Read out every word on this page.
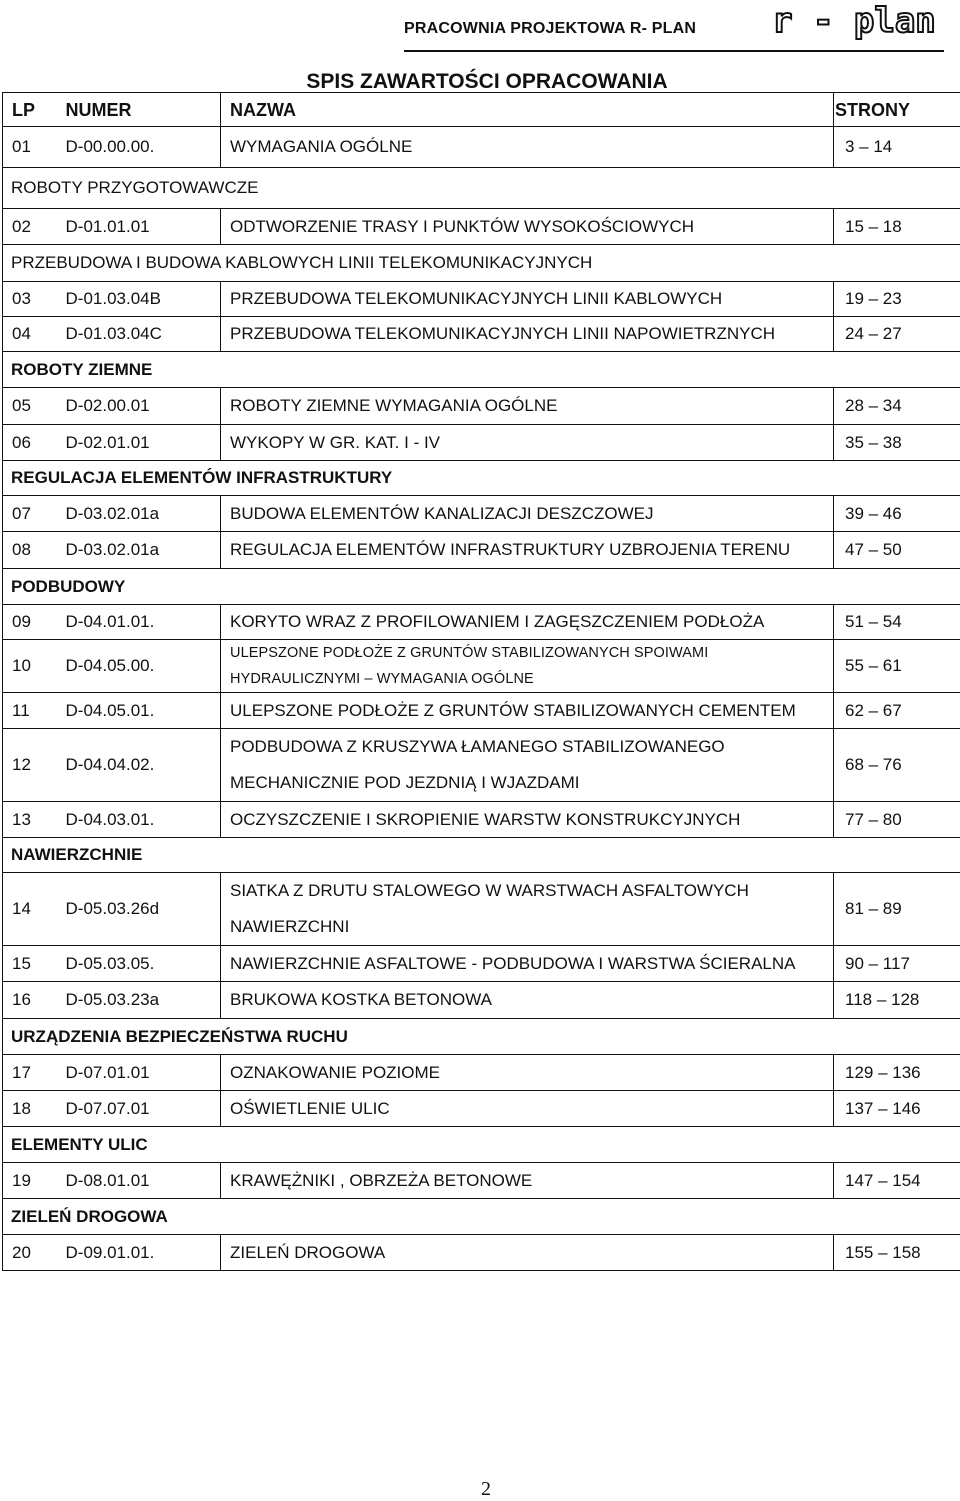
PRACOWNIA PROJEKTOWA R- PLAN r - plan
SPIS ZAWARTOŚCI OPRACOWANIA
LP	NUMER	NAZWA	STRONY
01	D-00.00.00.	WYMAGANIA OGÓLNE	3 – 14
ROBOTY PRZYGOTOWAWCZE			
02	D-01.01.01	ODTWORZENIE TRASY I PUNKTÓW WYSOKOŚCIOWYCH	15 – 18
PRZEBUDOWA I BUDOWA KABLOWYCH LINII TELEKOMUNIKACYJNYCH			
03	D-01.03.04B	PRZEBUDOWA TELEKOMUNIKACYJNYCH LINII KABLOWYCH	19 – 23
04	D-01.03.04C	PRZEBUDOWA TELEKOMUNIKACYJNYCH LINII NAPOWIETRZNYCH	24 – 27
ROBOTY ZIEMNE			
05	D-02.00.01	ROBOTY ZIEMNE WYMAGANIA OGÓLNE	28 – 34
06	D-02.01.01	WYKOPY W GR. KAT. I - IV	35 – 38
REGULACJA ELEMENTÓW INFRASTRUKTURY			
07	D-03.02.01a	BUDOWA ELEMENTÓW KANALIZACJI DESZCZOWEJ	39 – 46
08	D-03.02.01a	REGULACJA ELEMENTÓW INFRASTRUKTURY UZBROJENIA TERENU	47 – 50
PODBUDOWY			
09	D-04.01.01.	KORYTO WRAZ Z PROFILOWANIEM I ZAGĘSZCZENIEM PODŁOŻA	51 – 54
10	D-04.05.00.	ULEPSZONE PODŁOŻE Z GRUNTÓW STABILIZOWANYCH SPOIWAMI
HYDRAULICZNYMI – WYMAGANIA OGÓLNE	55 – 61
11	D-04.05.01.	ULEPSZONE PODŁOŻE Z GRUNTÓW STABILIZOWANYCH CEMENTEM	62 – 67
12	D-04.04.02.	PODBUDOWA Z KRUSZYWA ŁAMANEGO STABILIZOWANEGO
MECHANICZNIE POD JEZDNIĄ I WJAZDAMI	68 – 76
13	D-04.03.01.	OCZYSZCZENIE I SKROPIENIE WARSTW KONSTRUKCYJNYCH	77 – 80
NAWIERZCHNIE			
14	D-05.03.26d	SIATKA Z DRUTU STALOWEGO W WARSTWACH ASFALTOWYCH
NAWIERZCHNI	81 – 89
15	D-05.03.05.	NAWIERZCHNIE ASFALTOWE - PODBUDOWA I WARSTWA ŚCIERALNA	90 – 117
16	D-05.03.23a	BRUKOWA KOSTKA BETONOWA	118 – 128
URZĄDZENIA BEZPIECZEŃSTWA RUCHU			
17	D-07.01.01	OZNAKOWANIE POZIOME	129 – 136
18	D-07.07.01	OŚWIETLENIE ULIC	137 – 146
ELEMENTY ULIC			
19	D-08.01.01	KRAWĘŻNIKI , OBRZEŻA BETONOWE	147 – 154
ZIELEŃ DROGOWA			
20	D-09.01.01.	ZIELEŃ DROGOWA	155 – 158
2
